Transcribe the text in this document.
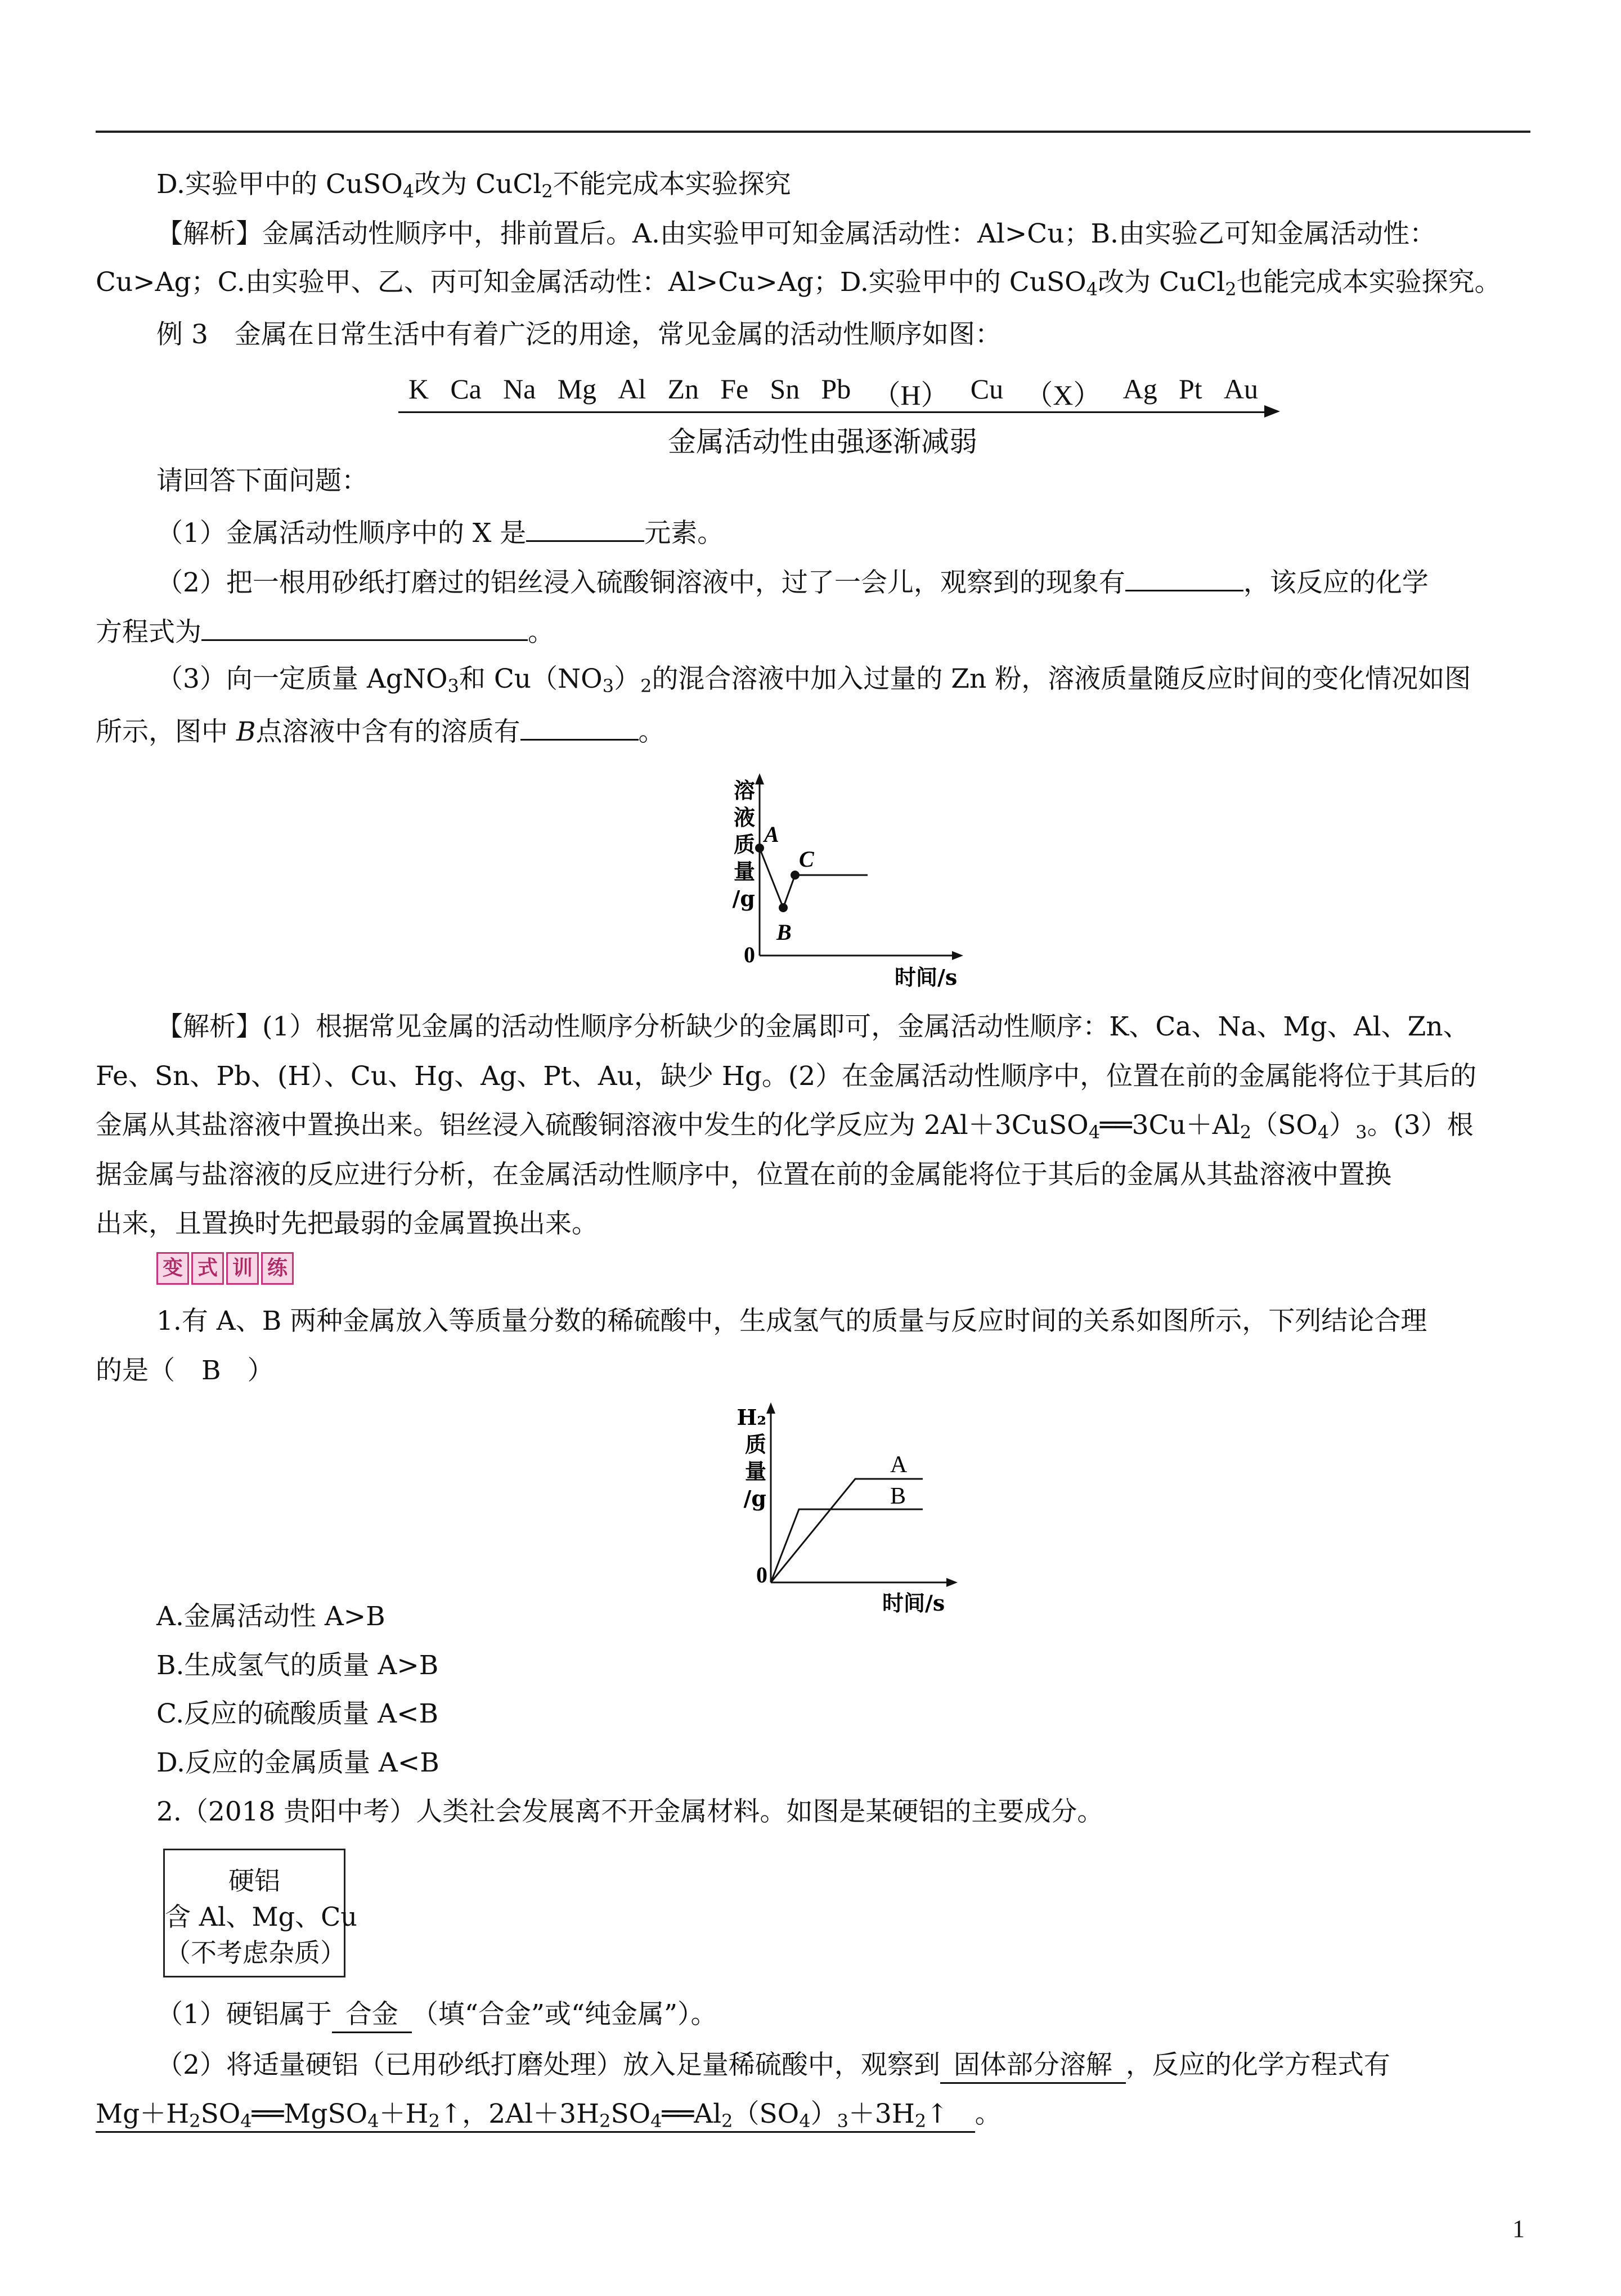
D.实验甲中的 CuSO$_4$改为 CuCl$_2$不能完成本实验探究
【解析】金属活动性顺序中，排前置后。A.由实验甲可知金属活动性：Al>Cu；B.由实验乙可知金属活动性：
Cu>Ag；C.由实验甲、乙、丙可知金属活动性：Al>Cu>Ag；D.实验甲中的 CuSO$_4$改为 CuCl$_2$也能完成本实验探究。
例 3　金属在日常生活中有着广泛的用途，常见金属的活动性顺序如图：
K Ca Na Mg Al Zn Fe Sn Pb （H） Cu （X） Ag Pt Au
金属活动性由强逐渐减弱
请回答下面问题：
（1）金属活动性顺序中的 X 是	元素。
（2）把一根用砂纸打磨过的铝丝浸入硫酸铜溶液中，过了一会儿，观察到的现象有	，该反应的化学
方程式为	。
（3）向一定质量 AgNO$_3$和 $Cu(NO_3)_2$的混合溶液中加入过量的 Zn 粉，溶液质量随反应时间的变化情况如图
所示，图中 B点溶液中含有的溶质有	。
溶
液
质
量
/g
0
时间/s
A
B
C
【解析】(1）根据常见金属的活动性顺序分析缺少的金属即可，金属活动性顺序：K、Ca、Na、Mg、Al、Zn、
Fe、Sn、Pb、(H）、Cu、Hg、Ag、Pt、Au，缺少 Hg。(2）在金属活动性顺序中，位置在前的金属能将位于其后的
金属从其盐溶液中置换出来。铝丝浸入硫酸铜溶液中发生的化学反应为 $2Al+3CuSO_4══3Cu+Al_2(SO_4)_3$。(3）根
据金属与盐溶液的反应进行分析，在金属活动性顺序中，位置在前的金属能将位于其后的金属从其盐溶液中置换
出来，且置换时先把最弱的金属置换出来。
变 式 训 练
1.有 A、B 两种金属放入等质量分数的稀硫酸中，生成氢气的质量与反应时间的关系如图所示，下列结论合理
的是（　B　）
H₂
质
量
/g
0
时间/s
A
B
A.金属活动性 A>B
B.生成氢气的质量 A>B
C.反应的硫酸质量 A<B
D.反应的金属质量 A<B
2.（2018 贵阳中考）人类社会发展离不开金属材料。如图是某硬铝的主要成分。
硬铝
含 Al、Mg、Cu
（不考虑杂质）
（1）硬铝属于 合金 （填“合金”或“纯金属”）。
（2）将适量硬铝（已用砂纸打磨处理）放入足量稀硫酸中，观察到 固体部分溶解 ，反应的化学方程式有
$Mg+H_2SO_4══MgSO_4+H_2↑$，$2Al+3H_2SO_4══Al_2(SO_4)_3+3H_2↑$  。
1
